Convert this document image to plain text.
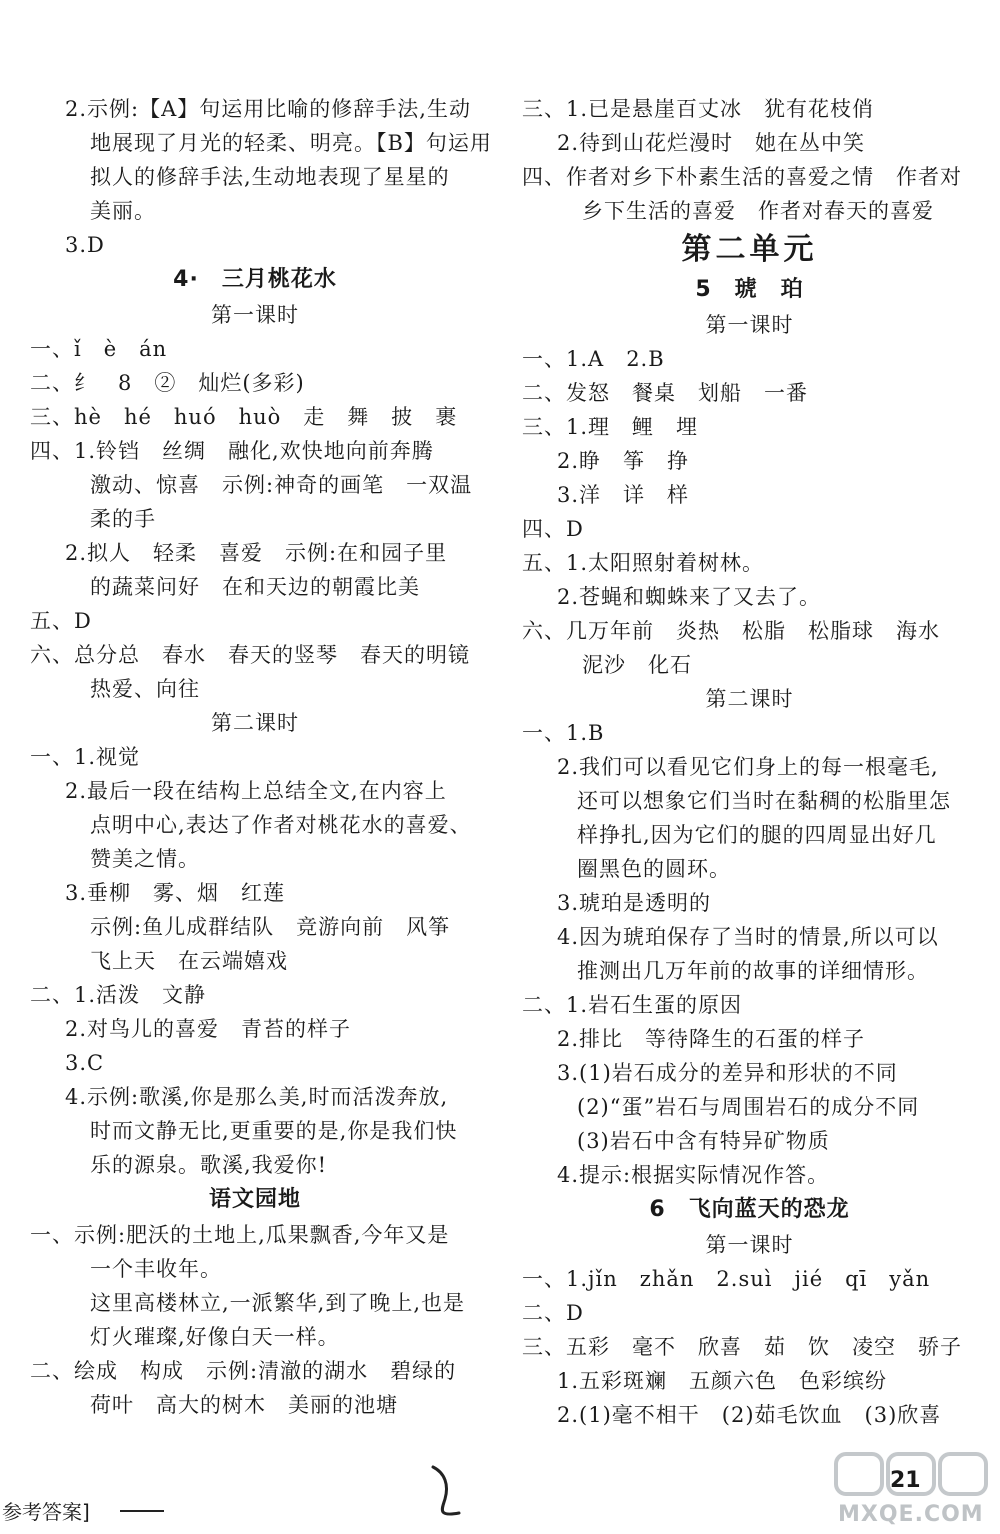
2.示例:【A】句运用比喻的修辞手法,生动
地展现了月光的轻柔、明亮。【B】句运用
拟人的修辞手法,生动地表现了星星的
美丽。
3.D
4·　三月桃花水
第一课时
一、ǐ　è　án
二、纟　8　②　灿烂(多彩)
三、hè　hé　huó　huò　走　舞　披　裹
四、1.铃铛　丝绸　融化,欢快地向前奔腾
激动、惊喜　示例:神奇的画笔　一双温
柔的手
2.拟人　轻柔　喜爱　示例:在和园子里
的蔬菜问好　在和天边的朝霞比美
五、D
六、总分总　春水　春天的竖琴　春天的明镜
热爱、向往
第二课时
一、1.视觉
2.最后一段在结构上总结全文,在内容上
点明中心,表达了作者对桃花水的喜爱、
赞美之情。
3.垂柳　雾、烟　红莲
示例:鱼儿成群结队　竞游向前　风筝
飞上天　在云端嬉戏
二、1.活泼　文静
2.对鸟儿的喜爱　青苔的样子
3.C
4.示例:歌溪,你是那么美,时而活泼奔放,
时而文静无比,更重要的是,你是我们快
乐的源泉。歌溪,我爱你!
语文园地
一、示例:肥沃的土地上,瓜果飘香,今年又是
一个丰收年。
这里高楼林立,一派繁华,到了晚上,也是
灯火璀璨,好像白天一样。
二、绘成　构成　示例:清澈的湖水　碧绿的
荷叶　高大的树木　美丽的池塘
三、1.已是悬崖百丈冰　犹有花枝俏
2.待到山花烂漫时　她在丛中笑
四、作者对乡下朴素生活的喜爱之情　作者对
乡下生活的喜爱　作者对春天的喜爱
第二单元
5　琥　珀
第一课时
一、1.A　2.B
二、发怒　餐桌　划船　一番
三、1.理　鲤　埋
2.睁　筝　挣
3.洋　详　样
四、D
五、1.太阳照射着树林。
2.苍蝇和蜘蛛来了又去了。
六、几万年前　炎热　松脂　松脂球　海水
泥沙　化石
第二课时
一、1.B
2.我们可以看见它们身上的每一根毫毛,
还可以想象它们当时在黏稠的松脂里怎
样挣扎,因为它们的腿的四周显出好几
圈黑色的圆环。
3.琥珀是透明的
4.因为琥珀保存了当时的情景,所以可以
推测出几万年前的故事的详细情形。
二、1.岩石生蛋的原因
2.排比　等待降生的石蛋的样子
3.(1)岩石成分的差异和形状的不同
(2)“蛋”岩石与周围岩石的成分不同
(3)岩石中含有特异矿物质
4.提示:根据实际情况作答。
6　飞向蓝天的恐龙
第一课时
一、1.jǐn　zhǎn　2.suì　jié　qī　yǎn
二、D
三、五彩　毫不　欣喜　茹　饮　凌空　骄子
1.五彩斑斓　五颜六色　色彩缤纷
2.(1)毫不相干　(2)茹毛饮血　(3)欣喜
参考答案]
21
MXQE.COM
